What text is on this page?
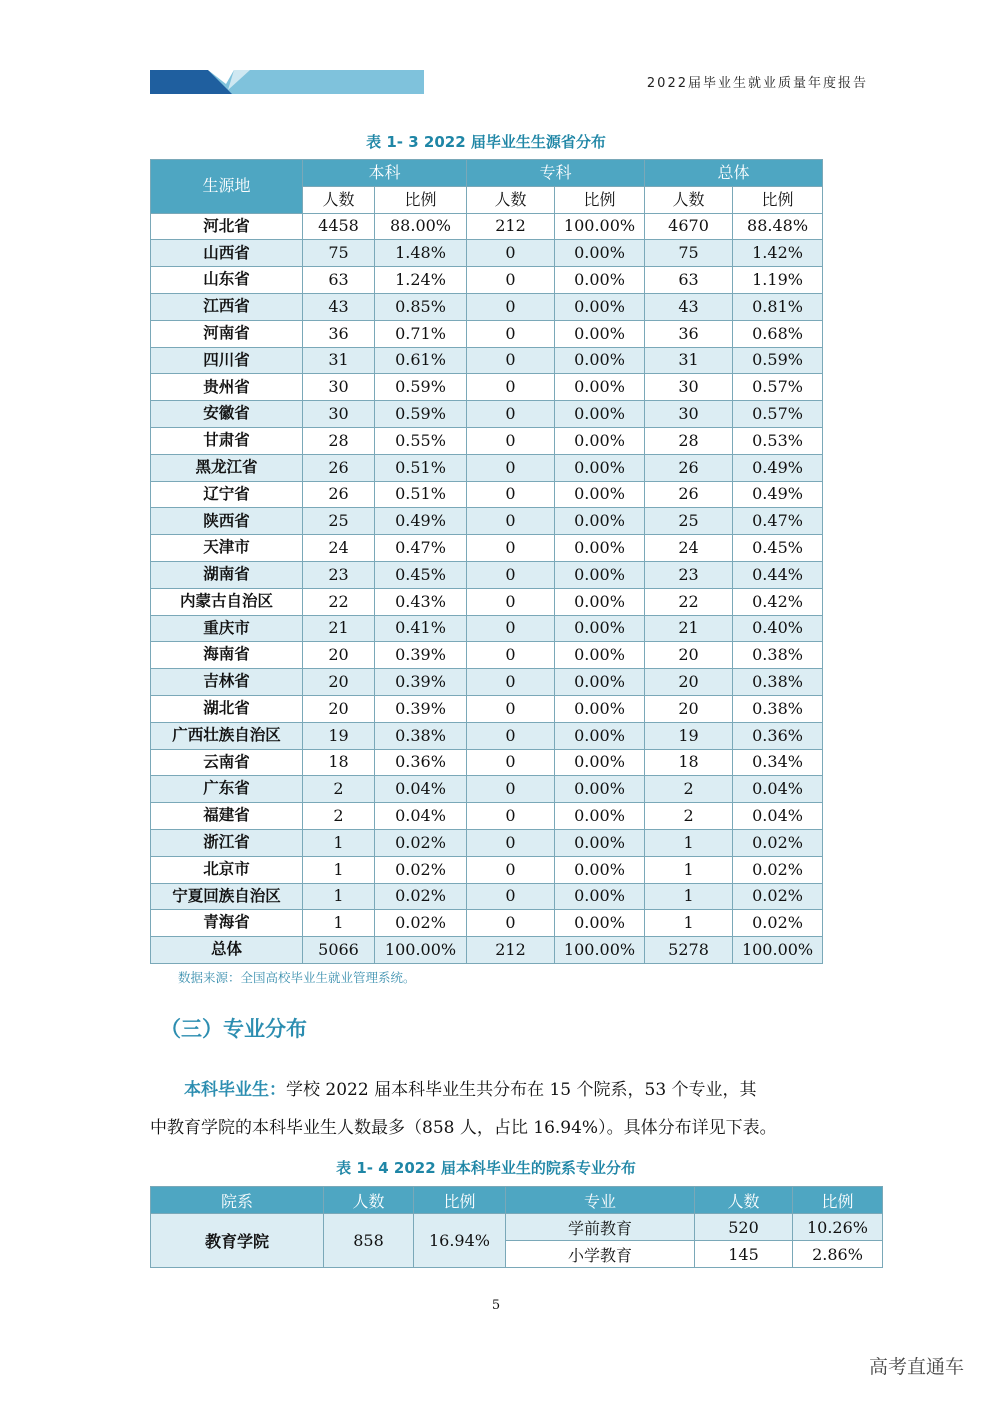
2022届毕业生就业质量年度报告
表 1- 3 2022 届毕业生生源省分布
生源地	本科		专科		总体	
	人数	比例	人数	比例	人数	比例
河北省	4458	88.00%	212	100.00%	4670	88.48%
山西省	75	1.48%	0	0.00%	75	1.42%
山东省	63	1.24%	0	0.00%	63	1.19%
江西省	43	0.85%	0	0.00%	43	0.81%
河南省	36	0.71%	0	0.00%	36	0.68%
四川省	31	0.61%	0	0.00%	31	0.59%
贵州省	30	0.59%	0	0.00%	30	0.57%
安徽省	30	0.59%	0	0.00%	30	0.57%
甘肃省	28	0.55%	0	0.00%	28	0.53%
黑龙江省	26	0.51%	0	0.00%	26	0.49%
辽宁省	26	0.51%	0	0.00%	26	0.49%
陕西省	25	0.49%	0	0.00%	25	0.47%
天津市	24	0.47%	0	0.00%	24	0.45%
湖南省	23	0.45%	0	0.00%	23	0.44%
内蒙古自治区	22	0.43%	0	0.00%	22	0.42%
重庆市	21	0.41%	0	0.00%	21	0.40%
海南省	20	0.39%	0	0.00%	20	0.38%
吉林省	20	0.39%	0	0.00%	20	0.38%
湖北省	20	0.39%	0	0.00%	20	0.38%
广西壮族自治区	19	0.38%	0	0.00%	19	0.36%
云南省	18	0.36%	0	0.00%	18	0.34%
广东省	2	0.04%	0	0.00%	2	0.04%
福建省	2	0.04%	0	0.00%	2	0.04%
浙江省	1	0.02%	0	0.00%	1	0.02%
北京市	1	0.02%	0	0.00%	1	0.02%
宁夏回族自治区	1	0.02%	0	0.00%	1	0.02%
青海省	1	0.02%	0	0.00%	1	0.02%
总体	5066	100.00%	212	100.00%	5278	100.00%
数据来源：全国高校毕业生就业管理系统。
（三）专业分布
本科毕业生：学校 2022 届本科毕业生共分布在 15 个院系，53 个专业，其
中教育学院的本科毕业生人数最多（858 人，占比 16.94%）。具体分布详见下表。
表 1- 4 2022 届本科毕业生的院系专业分布
院系	人数	比例	专业	人数	比例
教育学院	858	16.94%	学前教育	520	10.26%
			小学教育	145	2.86%
5
高考直通车
